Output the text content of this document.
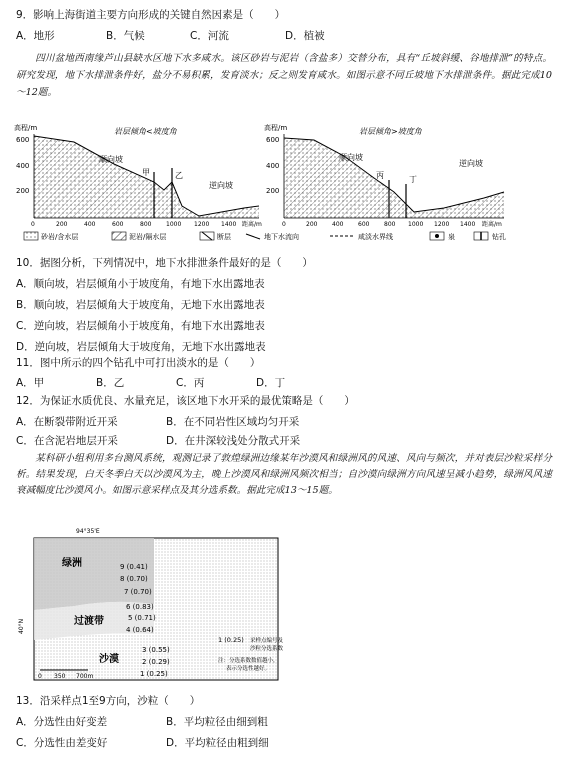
9．影响上海街道主要方向形成的关键自然因素是（　　）
A．地形	B．气候	C．河流	D．植被
四川盆地西南缘芦山县缺水区地下水多咸水。该区砂岩与泥岩（含盐多）交替分布，具有“丘坡斜缓、谷地排泄”的特点。研究发现，地下水排泄条件好，盐分不易积累，发育淡水；反之则发育咸水。如图示意不同丘坡地下水排泄条件。据此完成10～12题。
高程/m
600
400
200
甲	乙
顺向坡
逆向坡
岩层倾角<坡度角
0	200	400	600	800 1000 1200 1400 距离/m
高程/m
600
400
200
丙	丁
顺向坡
逆向坡
岩层倾角>坡度角
0	200 400 600 800 1000 1200 1400 距离/m
砂岩/含水层	泥岩/隔水层	断层	地下水流向	咸淡水界线	泉	钻孔
10．据图分析，下列情况中，地下水排泄条件最好的是（　　）
A．顺向坡，岩层倾角小于坡度角，有地下水出露地表
B．顺向坡，岩层倾角大于坡度角，无地下水出露地表
C．逆向坡，岩层倾角小于坡度角，有地下水出露地表
D．逆向坡，岩层倾角大于坡度角，无地下水出露地表
11．图中所示的四个钻孔中可打出淡水的是（　　）
A．甲	B．乙	C．丙	D．丁
12．为保证水质优良、水量充足，该区地下水开采的最优策略是（　　）
A．在断裂带附近开采	B．在不同岩性区域均匀开采
C．在含泥岩地层开采	D．在井深较浅处分散式开采
某科研小组利用多台测风系统，观测记录了敦煌绿洲边缘某年沙漠风和绿洲风的风速、风向与频次，并对表层沙粒采样分析。结果发现，白天冬季白天以沙漠风为主，晚上沙漠风和绿洲风频次相当；自沙漠向绿洲方向风速呈减小趋势，绿洲风风速衰减幅度比沙漠风小。如图示意采样点及其分选系数。据此完成13～15题。
94°35'E
绿洲
过渡带
沙漠
40°N
9 (0.41)
8 (0.70)
7 (0.70)
6 (0.83)
5 (0.71)
4 (0.64)
3 (0.55)
2 (0.29)
1 (0.25)
0 350 700m
1 (0.25) 采样点编号及
沙粒分选系数
注：分选系数数值越小，
表示分选性越好。
13．沿采样点1至9方向，沙粒（　　）
A．分选性由好变差	B．平均粒径由细到粗
C．分选性由差变好	D．平均粒径由粗到细
